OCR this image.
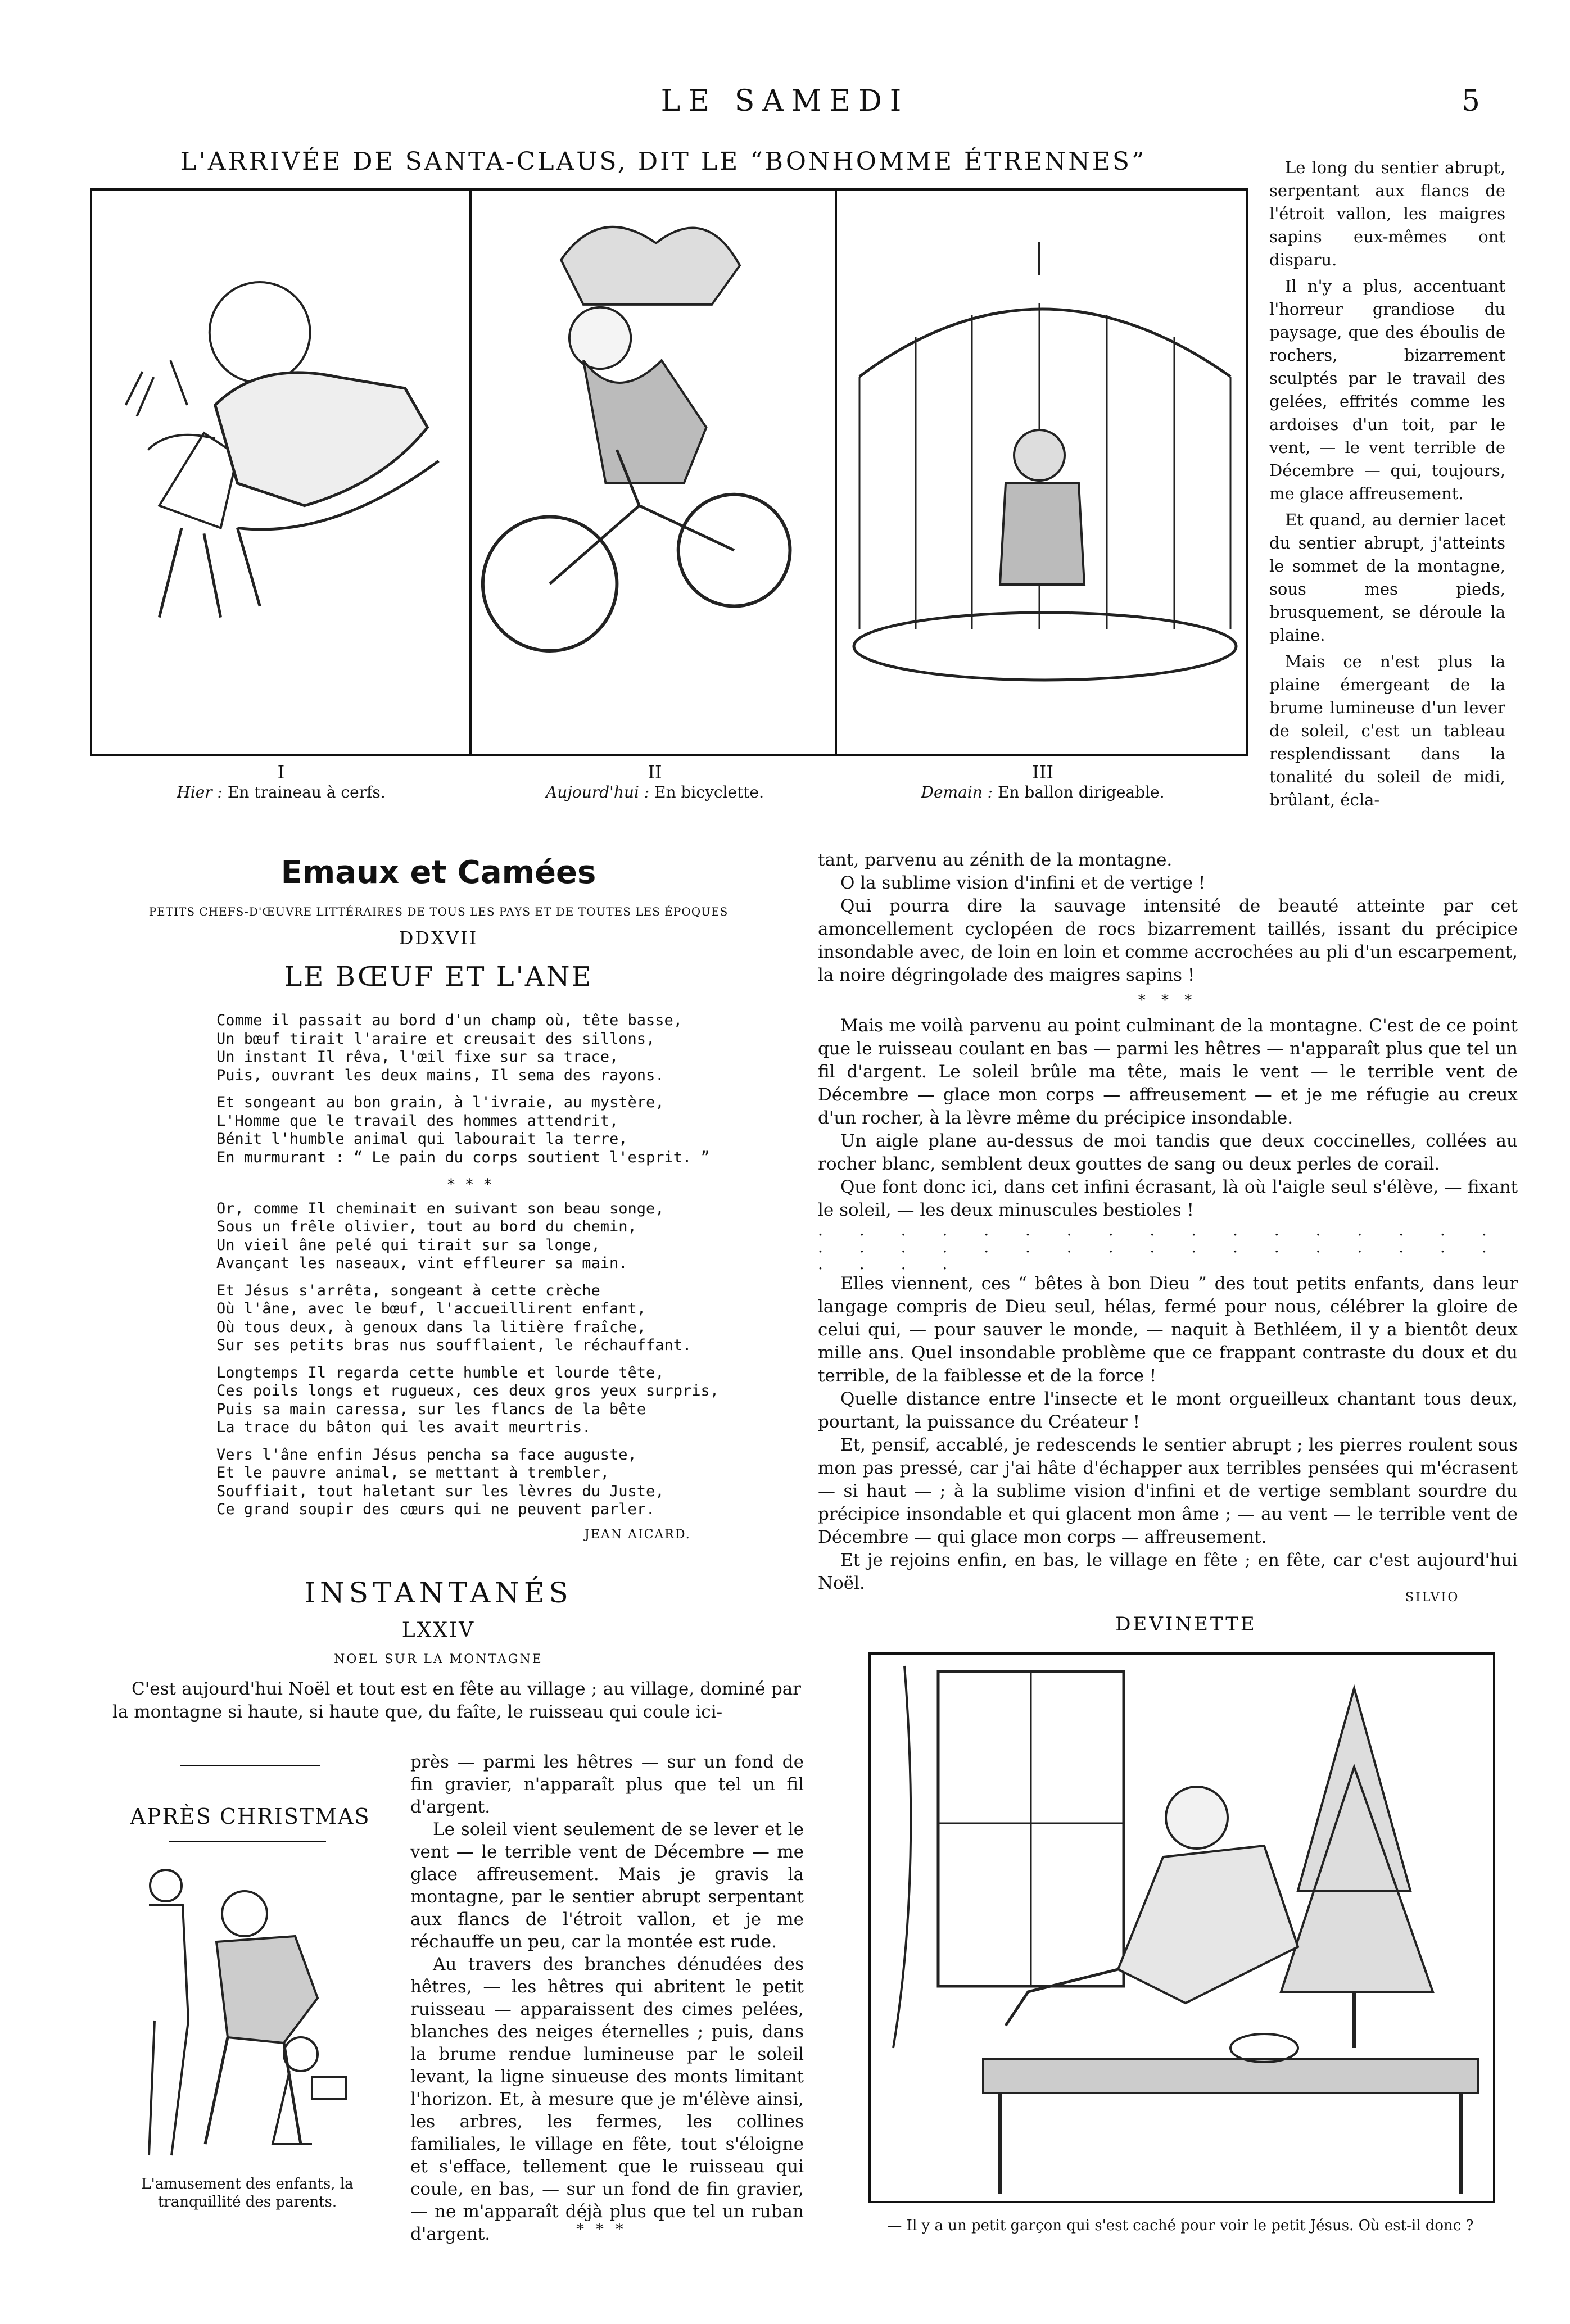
LE SAMEDI	5
L'ARRIVÉE DE SANTA-CLAUS, DIT LE “BONHOMME ÉTRENNES”
I
Hier : En traineau à cerfs.
II
Aujourd'hui : En bicyclette.
III
Demain : En ballon dirigeable.

Le long du sentier abrupt, serpentant aux flancs de l'étroit vallon, les maigres sapins eux-mêmes ont disparu.

Il n'y a plus, accentuant l'horreur grandiose du paysage, que des éboulis de rochers, bizarrement sculptés par le travail des gelées, effrités comme les ardoises d'un toit, par le vent, — le vent terrible de Décembre — qui, toujours, me glace affreusement.

Et quand, au dernier lacet du sentier abrupt, j'atteints le sommet de la montagne, sous mes pieds, brusquement, se déroule la plaine.

Mais ce n'est plus la plaine émergeant de la brume lumineuse d'un lever de soleil, c'est un tableau resplendissant dans la tonalité du soleil de midi, brûlant, écla-

Emaux et Camées
PETITS CHEFS-D'ŒUVRE LITTÉRAIRES DE TOUS LES PAYS ET DE TOUTES LES ÉPOQUES
DDXVII
LE BŒUF ET L'ANE
Comme il passait au bord d'un champ où, tête basse,
Un bœuf tirait l'araire et creusait des sillons,
Un instant Il rêva, l'œil fixe sur sa trace,
Puis, ouvrant les deux mains, Il sema des rayons.
Et songeant au bon grain, à l'ivraie, au mystère,
L'Homme que le travail des hommes attendrit,
Bénit l'humble animal qui labourait la terre,
En murmurant : “ Le pain du corps soutient l'esprit. ”
* * *
Or, comme Il cheminait en suivant son beau songe,
Sous un frêle olivier, tout au bord du chemin,
Un vieil âne pelé qui tirait sur sa longe,
Avançant les naseaux, vint effleurer sa main.
Et Jésus s'arrêta, songeant à cette crèche
Où l'âne, avec le bœuf, l'accueillirent enfant,
Où tous deux, à genoux dans la litière fraîche,
Sur ses petits bras nus soufflaient, le réchauffant.
Longtemps Il regarda cette humble et lourde tête,
Ces poils longs et rugueux, ces deux gros yeux surpris,
Puis sa main caressa, sur les flancs de la bête
La trace du bâton qui les avait meurtris.
Vers l'âne enfin Jésus pencha sa face auguste,
Et le pauvre animal, se mettant à trembler,
Souffiait, tout haletant sur les lèvres du Juste,
Ce grand soupir des cœurs qui ne peuvent parler.
JEAN AICARD.
INSTANTANÉS
LXXIV
NOEL SUR LA MONTAGNE

C'est aujourd'hui Noël et tout est en fête au village ; au village, dominé par la montagne si haute, si haute que, du faîte, le ruisseau qui coule ici-

APRÈS CHRISTMAS
L'amusement des enfants, la
tranquillité des parents.

près — parmi les hêtres — sur un fond de fin gravier, n'apparaît plus que tel un fil d'argent.

Le soleil vient seulement de se lever et le vent — le terrible vent de Décembre — me glace affreusement. Mais je gravis la montagne, par le sentier abrupt serpentant aux flancs de l'étroit vallon, et je me réchauffe un peu, car la montée est rude.

Au travers des branches dénudées des hêtres, — les hêtres qui abritent le petit ruisseau — apparaissent des cimes pelées, blanches des neiges éternelles ; puis, dans la brume rendue lumineuse par le soleil levant, la ligne sinueuse des monts limitant l'horizon. Et, à mesure que je m'élève ainsi, les arbres, les fermes, les collines familiales, le village en fête, tout s'éloigne et s'efface, tellement que le ruisseau qui coule, en bas, — sur un fond de fin gravier, — ne m'apparaît déjà plus que tel un ruban d'argent.	* * *

tant, parvenu au zénith de la montagne.

O la sublime vision d'infini et de vertige !

Qui pourra dire la sauvage intensité de beauté atteinte par cet amoncellement cyclopéen de rocs bizarrement taillés, issant du précipice insondable avec, de loin en loin et comme accrochées au pli d'un escarpement, la noire dégringolade des maigres sapins !

* * *

Mais me voilà parvenu au point culminant de la montagne. C'est de ce point que le ruisseau coulant en bas — parmi les hêtres — n'apparaît plus que tel un fil d'argent. Le soleil brûle ma tête, mais le vent — le terrible vent de Décembre — glace mon corps — affreusement — et je me réfugie au creux d'un rocher, à la lèvre même du précipice insondable.

Un aigle plane au-dessus de moi tandis que deux coccinelles, collées au rocher blanc, semblent deux gouttes de sang ou deux perles de corail.

Que font donc ici, dans cet infini écrasant, là où l'aigle seul s'élève, — fixant le soleil, — les deux minuscules bestioles !

. . . . . . . . . . . . . . . . . . . . . . . . . . . . . . . . . . . . . .

Elles viennent, ces “ bêtes à bon Dieu ” des tout petits enfants, dans leur langage compris de Dieu seul, hélas, fermé pour nous, célébrer la gloire de celui qui, — pour sauver le monde, — naquit à Bethléem, il y a bientôt deux mille ans. Quel insondable problème que ce frappant contraste du doux et du terrible, de la faiblesse et de la force !

Quelle distance entre l'insecte et le mont orgueilleux chantant tous deux, pourtant, la puissance du Créateur !

Et, pensif, accablé, je redescends le sentier abrupt ; les pierres roulent sous mon pas pressé, car j'ai hâte d'échapper aux terribles pensées qui m'écrasent — si haut — ; à la sublime vision d'infini et de vertige semblant sourdre du précipice insondable et qui glacent mon âme ; — au vent — le terrible vent de Décembre — qui glace mon corps — affreusement.

Et je rejoins enfin, en bas, le village en fête ; en fête, car c'est aujourd'hui Noël.

SILVIO
DEVINETTE
— Il y a un petit garçon qui s'est caché pour voir le petit Jésus. Où est-il donc ?
